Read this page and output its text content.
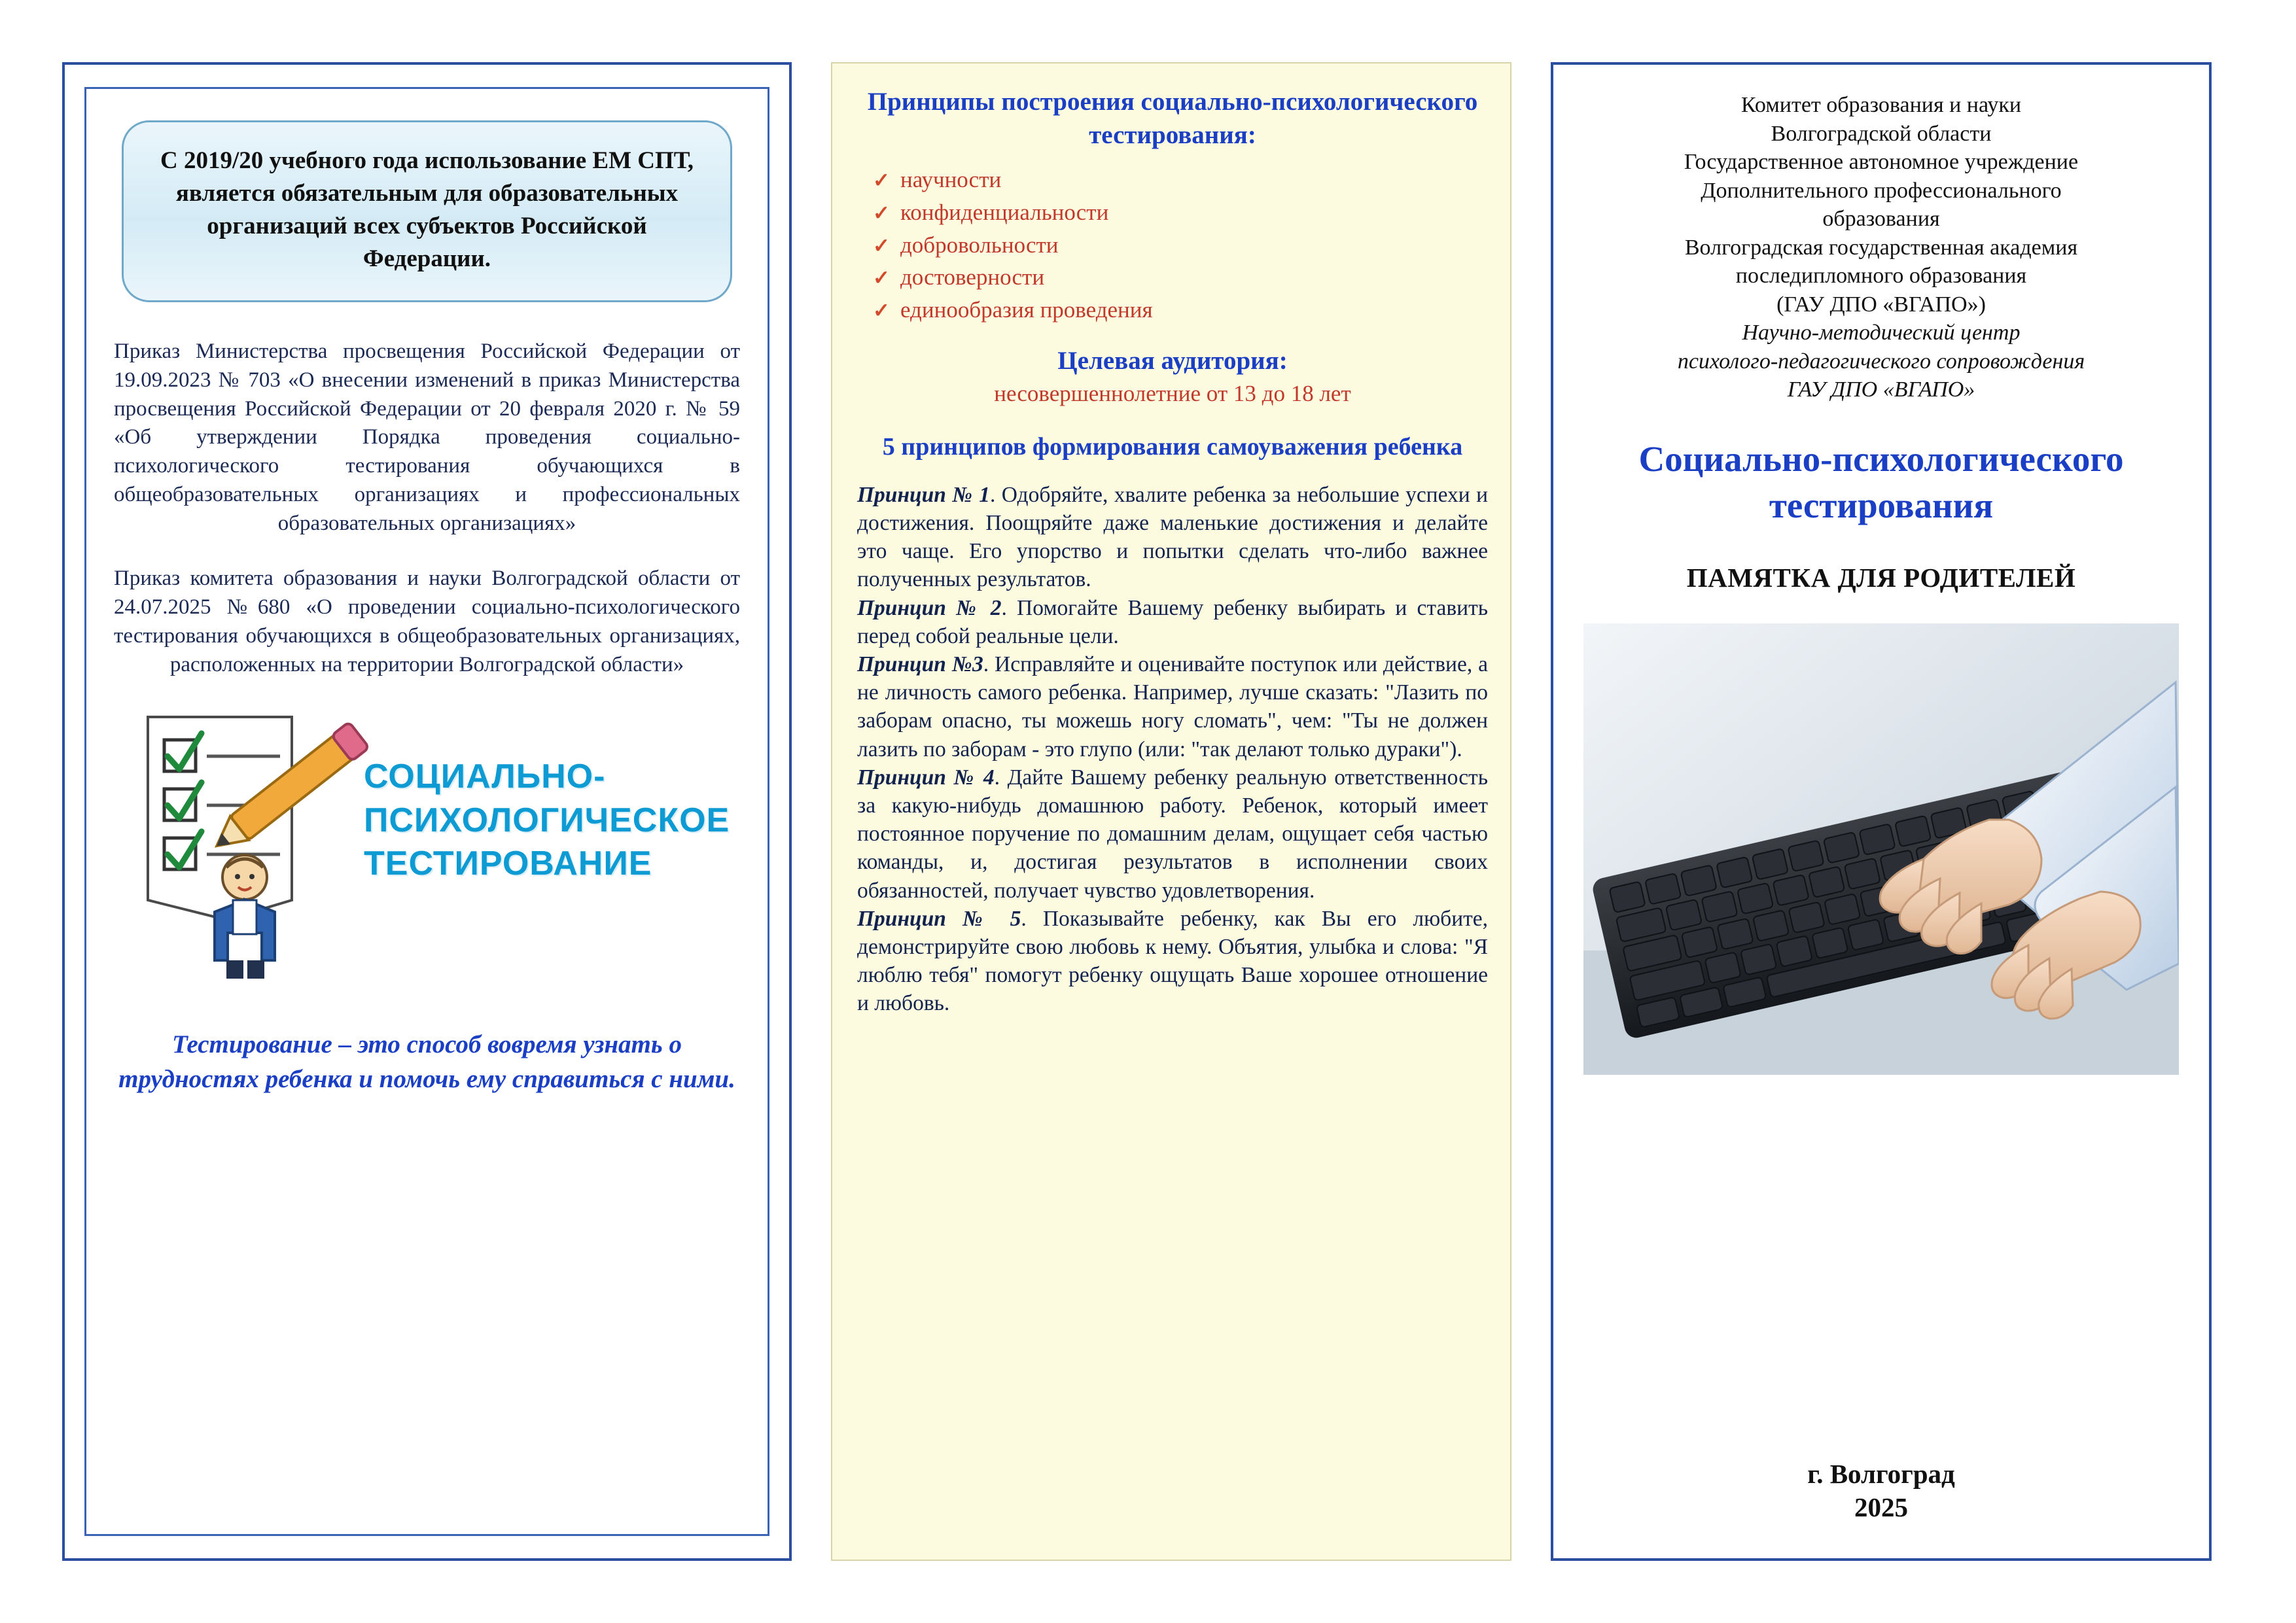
С 2019/20 учебного года использование ЕМ СПТ, является обязательным для образовательных организаций всех субъектов Российской Федерации.
Приказ Министерства просвещения Российской Федерации от 19.09.2023 № 703 «О внесении изменений в приказ Министерства просвещения Российской Федерации от 20 февраля 2020 г. № 59 «Об утверждении Порядка проведения социально-психологического тестирования обучающихся в общеобразовательных организациях и профессиональных образовательных организациях»
Приказ комитета образования и науки Волгоградской области от 24.07.2025 №680 «О проведении социально-психологического тестирования обучающихся в общеобразовательных организациях, расположенных на территории Волгоградской области»
СОЦИАЛЬНО-
ПСИХОЛОГИЧЕСКОЕ
ТЕСТИРОВАНИЕ
Тестирование – это способ вовремя узнать о трудностях ребенка и помочь ему справиться с ними.
Принципы построения социально-психологического тестирования:
✓ научности
✓ конфиденциальности
✓ добровольности
✓ достоверности
✓ единообразия проведения
Целевая аудитория:
несовершеннолетние от 13 до 18 лет
5 принципов формирования самоуважения ребенка

Принцип № 1. Одобряйте, хвалите ребенка за небольшие успехи и достижения. Поощряйте даже маленькие достижения и делайте это чаще. Его упорство и попытки сделать что-либо важнее полученных результатов.

Принцип № 2. Помогайте Вашему ребенку выбирать и ставить перед собой реальные цели.

Принцип №3. Исправляйте и оценивайте поступок или действие, а не личность самого ребенка. Например, лучше сказать: "Лазить по заборам опасно, ты можешь ногу сломать", чем: "Ты не должен лазить по заборам - это глупо (или: "так делают только дураки").

Принцип № 4. Дайте Вашему ребенку реальную ответственность за какую-нибудь домашнюю работу. Ребенок, который имеет постоянное поручение по домашним делам, ощущает себя частью команды, и, достигая результатов в исполнении своих обязанностей, получает чувство удовлетворения.

Принцип № 5. Показывайте ребенку, как Вы его любите, демонстрируйте свою любовь к нему. Объятия, улыбка и слова: "Я люблю тебя" помогут ребенку ощущать Ваше хорошее отношение и любовь.

Комитет образования и науки
Волгоградской области
Государственное автономное учреждение
Дополнительного профессионального
образования
Волгоградская государственная академия
последипломного образования
(ГАУ ДПО «ВГАПО»)
Научно-методический центр
психолого-педагогического сопровождения
ГАУ ДПО «ВГАПО»
Социально-психологического тестирования
ПАМЯТКА ДЛЯ РОДИТЕЛЕЙ
г. Волгоград
2025
